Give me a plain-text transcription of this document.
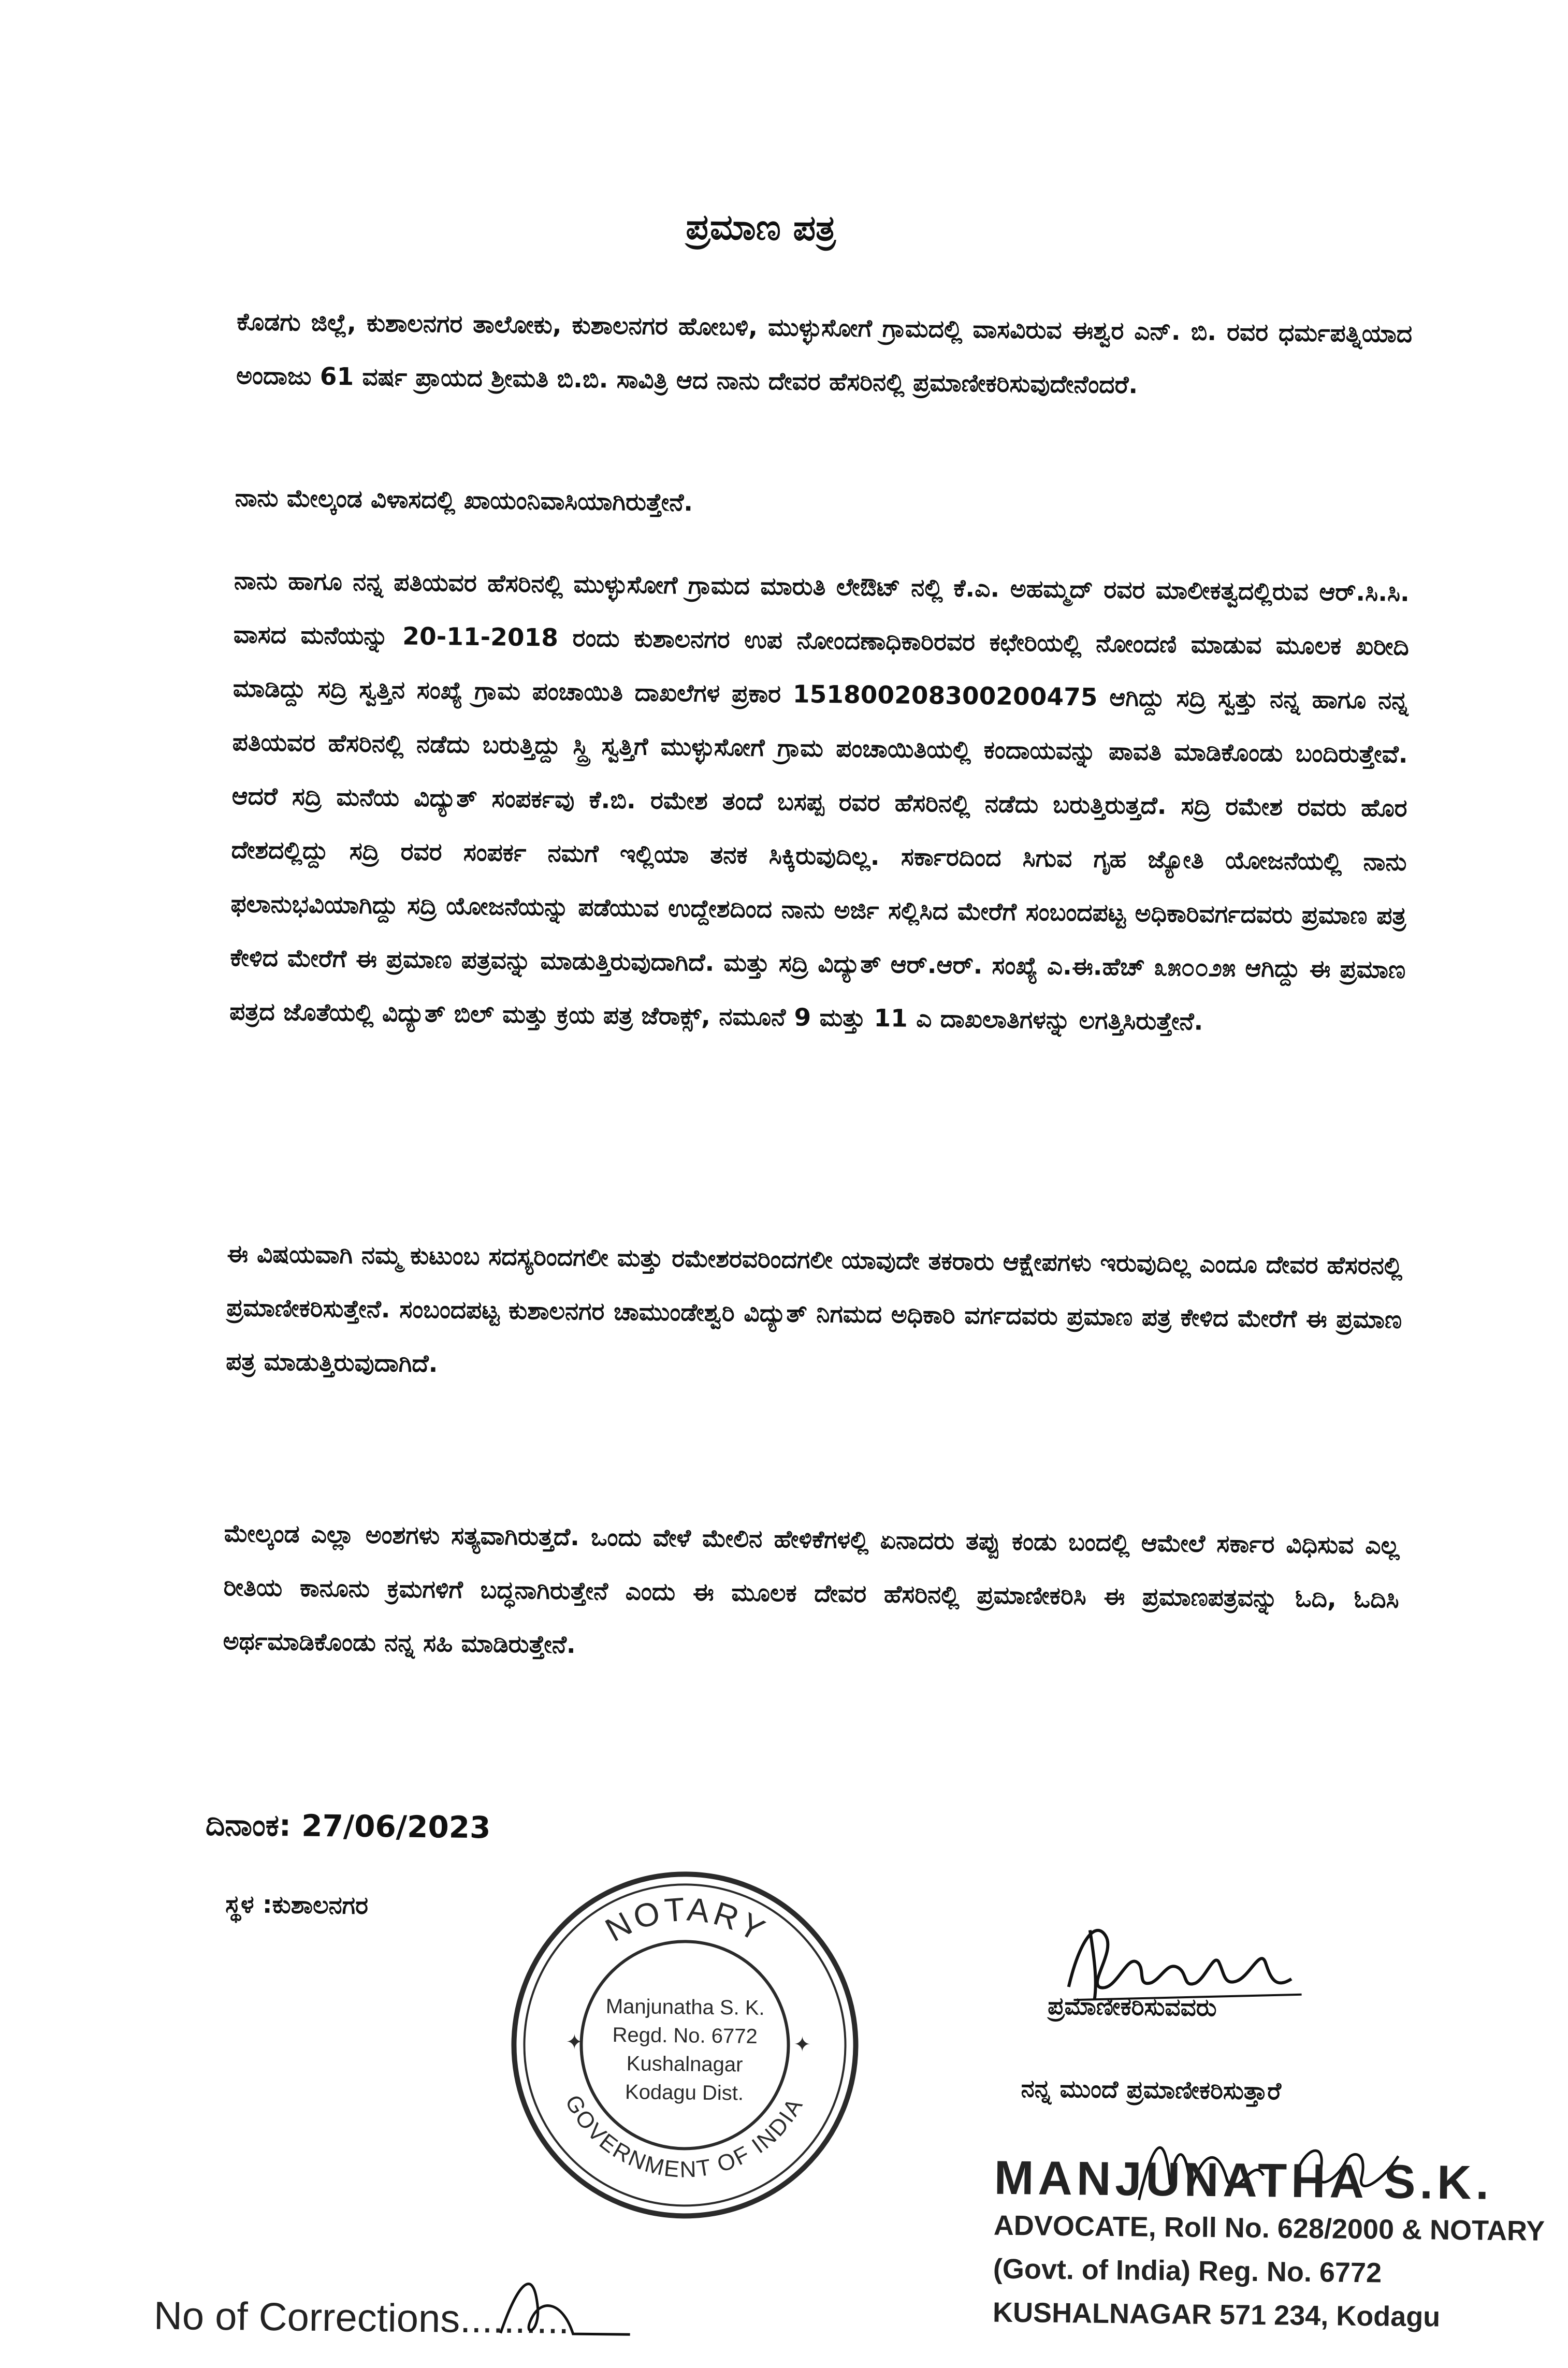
ಪ್ರಮಾಣ ಪತ್ರ
ಕೊಡಗು ಜಿಲ್ಲೆ, ಕುಶಾಲನಗರ ತಾಲೋಕು, ಕುಶಾಲನಗರ ಹೋಬಳಿ, ಮುಳ್ಳುಸೋಗೆ ಗ್ರಾಮದಲ್ಲಿ ವಾಸವಿರುವ ಈಶ್ವರ ಎನ್. ಬಿ. ರವರ ಧರ್ಮಪತ್ನಿಯಾದ ಅಂದಾಜು 61 ವರ್ಷ ಪ್ರಾಯದ ಶ್ರೀಮತಿ ಬಿ.ಬಿ. ಸಾವಿತ್ರಿ ಆದ ನಾನು ದೇವರ ಹೆಸರಿನಲ್ಲಿ ಪ್ರಮಾಣೀಕರಿಸುವುದೇನೆಂದರೆ.
ನಾನು ಮೇಲ್ಕಂಡ ವಿಳಾಸದಲ್ಲಿ ಖಾಯಂನಿವಾಸಿಯಾಗಿರುತ್ತೇನೆ.
ನಾನು ಹಾಗೂ ನನ್ನ ಪತಿಯವರ ಹೆಸರಿನಲ್ಲಿ ಮುಳ್ಳುಸೋಗೆ ಗ್ರಾಮದ ಮಾರುತಿ ಲೇಔಟ್ ನಲ್ಲಿ ಕೆ.ಎ. ಅಹಮ್ಮದ್ ರವರ ಮಾಲೀಕತ್ವದಲ್ಲಿರುವ ಆರ್.ಸಿ.ಸಿ. ವಾಸದ ಮನೆಯನ್ನು 20-11-2018 ರಂದು ಕುಶಾಲನಗರ ಉಪ ನೋಂದಣಾಧಿಕಾರಿರವರ ಕಛೇರಿಯಲ್ಲಿ ನೋಂದಣಿ ಮಾಡುವ ಮೂಲಕ ಖರೀದಿ ಮಾಡಿದ್ದು ಸದ್ರಿ ಸ್ವತ್ತಿನ ಸಂಖ್ಯೆ ಗ್ರಾಮ ಪಂಚಾಯಿತಿ ದಾಖಲೆಗಳ ಪ್ರಕಾರ 151800208300200475 ಆಗಿದ್ದು ಸದ್ರಿ ಸ್ವತ್ತು ನನ್ನ ಹಾಗೂ ನನ್ನ ಪತಿಯವರ ಹೆಸರಿನಲ್ಲಿ ನಡೆದು ಬರುತ್ತಿದ್ದು ಸ್ದ್ರಿ ಸ್ವತ್ತಿಗೆ ಮುಳ್ಳುಸೋಗೆ ಗ್ರಾಮ ಪಂಚಾಯಿತಿಯಲ್ಲಿ ಕಂದಾಯವನ್ನು ಪಾವತಿ ಮಾಡಿಕೊಂಡು ಬಂದಿರುತ್ತೇವೆ. ಆದರೆ ಸದ್ರಿ ಮನೆಯ ವಿದ್ಯುತ್ ಸಂಪರ್ಕವು ಕೆ.ಬಿ. ರಮೇಶ ತಂದೆ ಬಸಪ್ಪ ರವರ ಹೆಸರಿನಲ್ಲಿ ನಡೆದು ಬರುತ್ತಿರುತ್ತದೆ. ಸದ್ರಿ ರಮೇಶ ರವರು ಹೊರ ದೇಶದಲ್ಲಿದ್ದು ಸದ್ರಿ ರವರ ಸಂಪರ್ಕ ನಮಗೆ ಇಲ್ಲಿಯಾ ತನಕ ಸಿಕ್ಕಿರುವುದಿಲ್ಲ. ಸರ್ಕಾರದಿಂದ ಸಿಗುವ ಗೃಹ ಜ್ಯೋತಿ ಯೋಜನೆಯಲ್ಲಿ ನಾನು ಫಲಾನುಭವಿಯಾಗಿದ್ದು ಸದ್ರಿ ಯೋಜನೆಯನ್ನು ಪಡೆಯುವ ಉದ್ದೇಶದಿಂದ ನಾನು ಅರ್ಜಿ ಸಲ್ಲಿಸಿದ ಮೇರೆಗೆ ಸಂಬಂದಪಟ್ಟ ಅಧಿಕಾರಿವರ್ಗದವರು ಪ್ರಮಾಣ ಪತ್ರ ಕೇಳಿದ ಮೇರೆಗೆ ಈ ಪ್ರಮಾಣ ಪತ್ರವನ್ನು ಮಾಡುತ್ತಿರುವುದಾಗಿದೆ. ಮತ್ತು ಸದ್ರಿ ವಿದ್ಯುತ್ ಆರ್.ಆರ್. ಸಂಖ್ಯೆ ಎ.ಈ.ಹೆಚ್ ೩೫೦೦೨೫ ಆಗಿದ್ದು ಈ ಪ್ರಮಾಣ ಪತ್ರದ ಜೊತೆಯಲ್ಲಿ ವಿದ್ಯುತ್ ಬಿಲ್ ಮತ್ತು ಕ್ರಯ ಪತ್ರ ಜೆರಾಕ್ಸ್, ನಮೂನೆ 9 ಮತ್ತು 11 ಎ ದಾಖಲಾತಿಗಳನ್ನು ಲಗತ್ತಿಸಿರುತ್ತೇನೆ.
ಈ ವಿಷಯವಾಗಿ ನಮ್ಮ ಕುಟುಂಬ ಸದಸ್ಯರಿಂದಗಲೀ ಮತ್ತು ರಮೇಶರವರಿಂದಗಲೀ ಯಾವುದೇ ತಕರಾರು ಆಕ್ಷೇಪಗಳು ಇರುವುದಿಲ್ಲ ಎಂದೂ ದೇವರ ಹೆಸರನಲ್ಲಿ ಪ್ರಮಾಣೀಕರಿಸುತ್ತೇನೆ. ಸಂಬಂದಪಟ್ಟ ಕುಶಾಲನಗರ ಚಾಮುಂಡೇಶ್ವರಿ ವಿದ್ಯುತ್ ನಿಗಮದ ಅಧಿಕಾರಿ ವರ್ಗದವರು ಪ್ರಮಾಣ ಪತ್ರ ಕೇಳಿದ ಮೇರೆಗೆ ಈ ಪ್ರಮಾಣ ಪತ್ರ ಮಾಡುತ್ತಿರುವುದಾಗಿದೆ.
ಮೇಲ್ಕಂಡ ಎಲ್ಲಾ ಅಂಶಗಳು ಸತ್ಯವಾಗಿರುತ್ತದೆ. ಒಂದು ವೇಳೆ ಮೇಲಿನ ಹೇಳಿಕೆಗಳಲ್ಲಿ ಏನಾದರು ತಪ್ಪು ಕಂಡು ಬಂದಲ್ಲಿ ಆಮೇಲೆ ಸರ್ಕಾರ ವಿಧಿಸುವ ಎಲ್ಲ ರೀತಿಯ ಕಾನೂನು ಕ್ರಮಗಳಿಗೆ ಬದ್ಧನಾಗಿರುತ್ತೇನೆ ಎಂದು ಈ ಮೂಲಕ ದೇವರ ಹೆಸರಿನಲ್ಲಿ ಪ್ರಮಾಣೀಕರಿಸಿ ಈ ಪ್ರಮಾಣಪತ್ರವನ್ನು ಓದಿ, ಓದಿಸಿ ಅರ್ಥಮಾಡಿಕೊಂಡು ನನ್ನ ಸಹಿ ಮಾಡಿರುತ್ತೇನೆ.
ದಿನಾಂಕ: 27/06/2023
ಸ್ಥಳ :ಕುಶಾಲನಗರ	NOTARY
GOVERNMENT OF INDIA
✦	✦
Manjunatha S. K.
Regd. No. 6772
Kushalnagar
Kodagu Dist.
ಪ್ರಮಾಣೀಕರಿಸುವವರು
ನನ್ನ ಮುಂದೆ ಪ್ರಮಾಣೀಕರಿಸುತ್ತಾರೆ
MANJUNATHA S.K.
ADVOCATE, Roll No. 628/2000 & NOTARY
(Govt. of India) Reg. No. 6772
KUSHALNAGAR 571 234, Kodagu
No of Corrections..........
